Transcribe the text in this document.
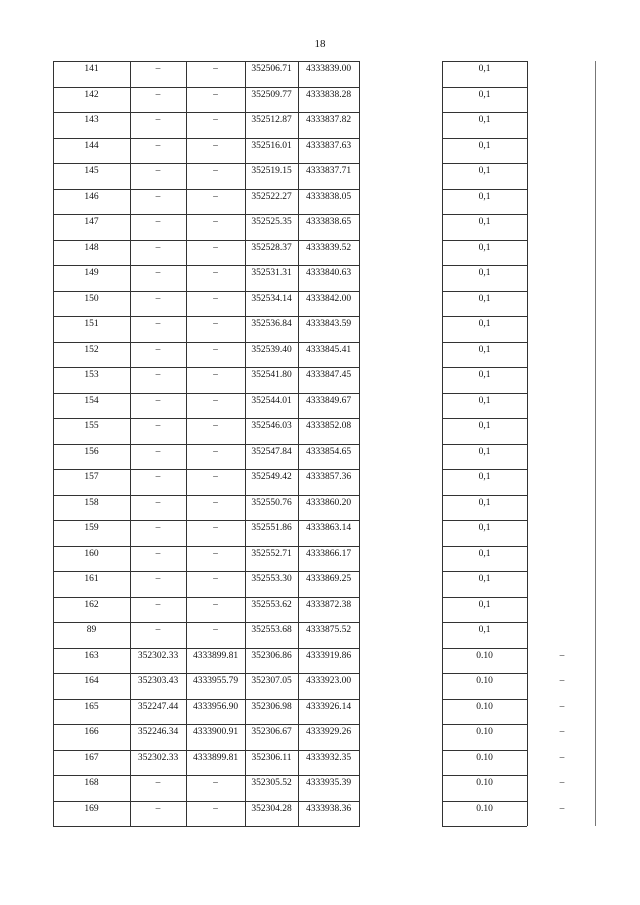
18
141	–	–	352506.71	4333839.00	0,1
142	–	–	352509.77	4333838.28	0,1
143	–	–	352512.87	4333837.82	0,1
144	–	–	352516.01	4333837.63	0,1
145	–	–	352519.15	4333837.71	0,1
146	–	–	352522.27	4333838.05	0,1
147	–	–	352525.35	4333838.65	0,1
148	–	–	352528.37	4333839.52	0,1
149	–	–	352531.31	4333840.63	0,1
150	–	–	352534.14	4333842.00	0,1
151	–	–	352536.84	4333843.59	0,1
152	–	–	352539.40	4333845.41	0,1
153	–	–	352541.80	4333847.45	0,1
154	–	–	352544.01	4333849.67	0,1
155	–	–	352546.03	4333852.08	0,1
156	–	–	352547.84	4333854.65	0,1
157	–	–	352549.42	4333857.36	0,1
158	–	–	352550.76	4333860.20	0,1
159	–	–	352551.86	4333863.14	0,1
160	–	–	352552.71	4333866.17	0,1
161	–	–	352553.30	4333869.25	0,1
162	–	–	352553.62	4333872.38	0,1
89	–	–	352553.68	4333875.52	0,1
163	352302.33	4333899.81	352306.86	4333919.86	0.10	–
164	352303.43	4333955.79	352307.05	4333923.00	0.10	–
165	352247.44	4333956.90	352306.98	4333926.14	0.10	–
166	352246.34	4333900.91	352306.67	4333929.26	0.10	–
167	352302.33	4333899.81	352306.11	4333932.35	0.10	–
168	–	–	352305.52	4333935.39	0.10	–
169	–	–	352304.28	4333938.36	0.10	–
